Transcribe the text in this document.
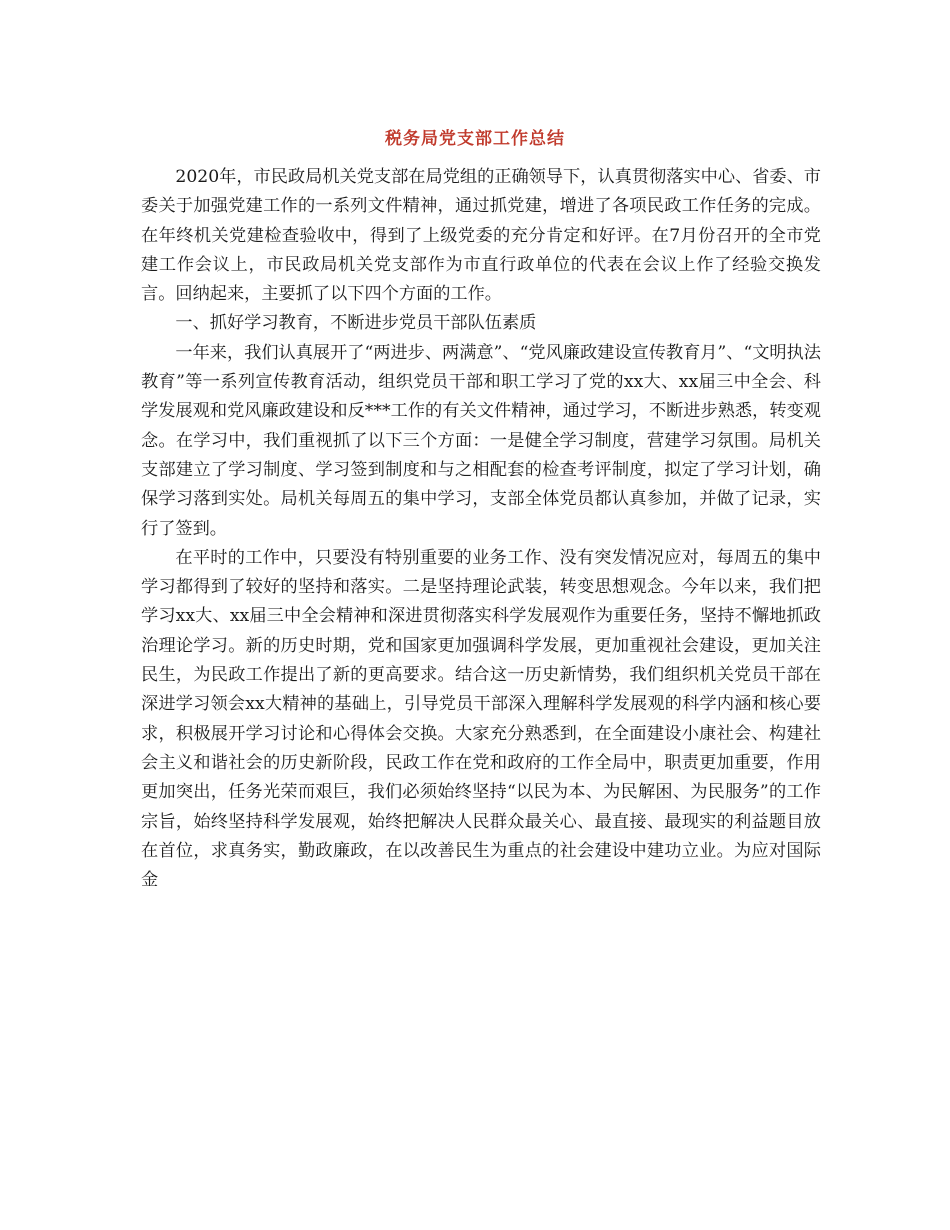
税务局党支部工作总结

2020年，市民政局机关党支部在局党组的正确领导下，认真贯彻落实中心、省委、市委关于加强党建工作的一系列文件精神，通过抓党建，增进了各项民政工作任务的完成。在年终机关党建检查验收中，得到了上级党委的充分肯定和好评。在7月份召开的全市党建工作会议上，市民政局机关党支部作为市直行政单位的代表在会议上作了经验交换发言。回纳起来，主要抓了以下四个方面的工作。

一、抓好学习教育，不断进步党员干部队伍素质

一年来，我们认真展开了“两进步、两满意”、“党风廉政建设宣传教育月”、“文明执法教育”等一系列宣传教育活动，组织党员干部和职工学习了党的xx大、xx届三中全会、科学发展观和党风廉政建设和反***工作的有关文件精神，通过学习，不断进步熟悉，转变观念。在学习中，我们重视抓了以下三个方面：一是健全学习制度，营建学习氛围。局机关支部建立了学习制度、学习签到制度和与之相配套的检查考评制度，拟定了学习计划，确保学习落到实处。局机关每周五的集中学习，支部全体党员都认真参加，并做了记录，实行了签到。

在平时的工作中，只要没有特别重要的业务工作、没有突发情况应对，每周五的集中学习都得到了较好的坚持和落实。二是坚持理论武装，转变思想观念。今年以来，我们把学习xx大、xx届三中全会精神和深进贯彻落实科学发展观作为重要任务，坚持不懈地抓政治理论学习。新的历史时期，党和国家更加强调科学发展，更加重视社会建设，更加关注民生，为民政工作提出了新的更高要求。结合这一历史新情势，我们组织机关党员干部在深进学习领会xx大精神的基础上，引导党员干部深入理解科学发展观的科学内涵和核心要求，积极展开学习讨论和心得体会交换。大家充分熟悉到，在全面建设小康社会、构建社会主义和谐社会的历史新阶段，民政工作在党和政府的工作全局中，职责更加重要，作用更加突出，任务光荣而艰巨，我们必须始终坚持“以民为本、为民解困、为民服务”的工作宗旨，始终坚持科学发展观，始终把解决人民群众最关心、最直接、最现实的利益题目放在首位，求真务实，勤政廉政，在以改善民生为重点的社会建设中建功立业。为应对国际金
